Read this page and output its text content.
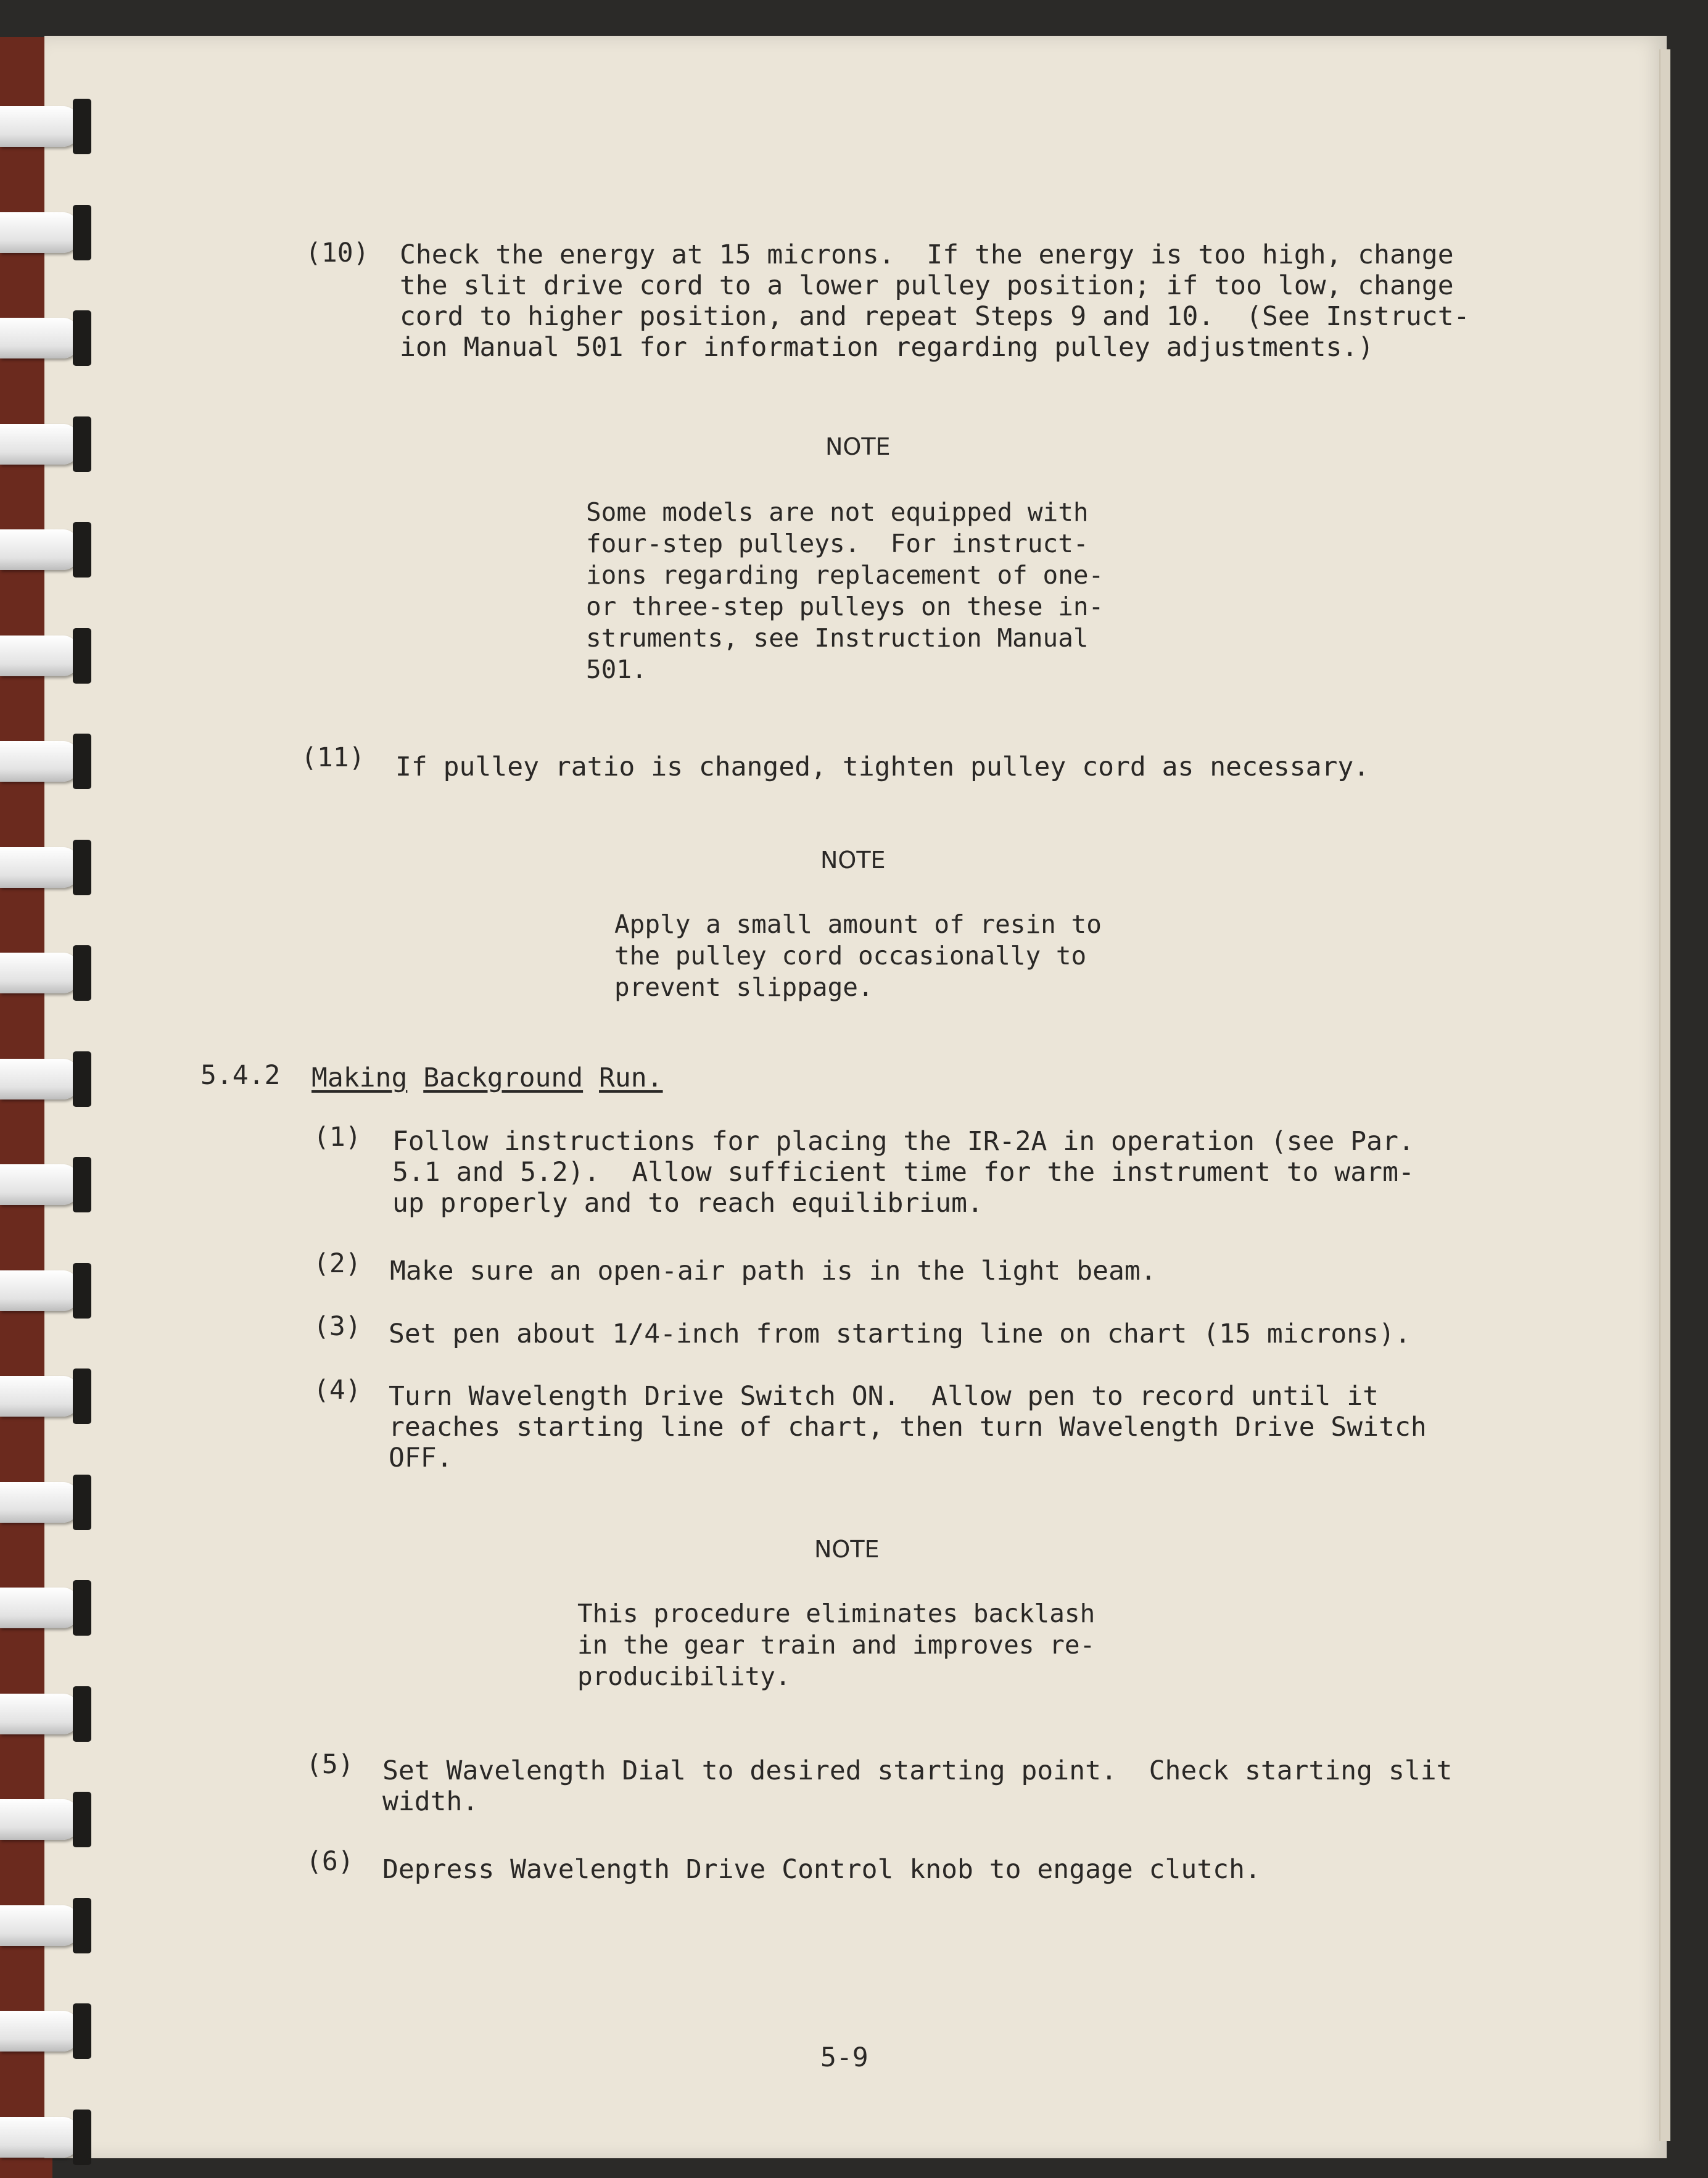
(10) Check the energy at 15 microns.  If the energy is too high, change

the slit drive cord to a lower pulley position; if too low, change

cord to higher position, and repeat Steps 9 and 10.  (See Instruct-

ion Manual 501 for information regarding pulley adjustments.)

NOTE

Some models are not equipped with

four-step pulleys.  For instruct-

ions regarding replacement of one-

or three-step pulleys on these in-

struments, see Instruction Manual

501.

(11) If pulley ratio is changed, tighten pulley cord as necessary.

NOTE

Apply a small amount of resin to

the pulley cord occasionally to

prevent slippage.

5.4.2 Making Background Run.

(1) Follow instructions for placing the IR-2A in operation (see Par.

5.1 and 5.2).  Allow sufficient time for the instrument to warm-

up properly and to reach equilibrium.

(2) Make sure an open-air path is in the light beam.

(3) Set pen about 1/4-inch from starting line on chart (15 microns).

(4) Turn Wavelength Drive Switch ON.  Allow pen to record until it

reaches starting line of chart, then turn Wavelength Drive Switch

OFF.

NOTE

This procedure eliminates backlash

in the gear train and improves re-

producibility.

(5) Set Wavelength Dial to desired starting point.  Check starting slit

width.

(6) Depress Wavelength Drive Control knob to engage clutch.

5-9
